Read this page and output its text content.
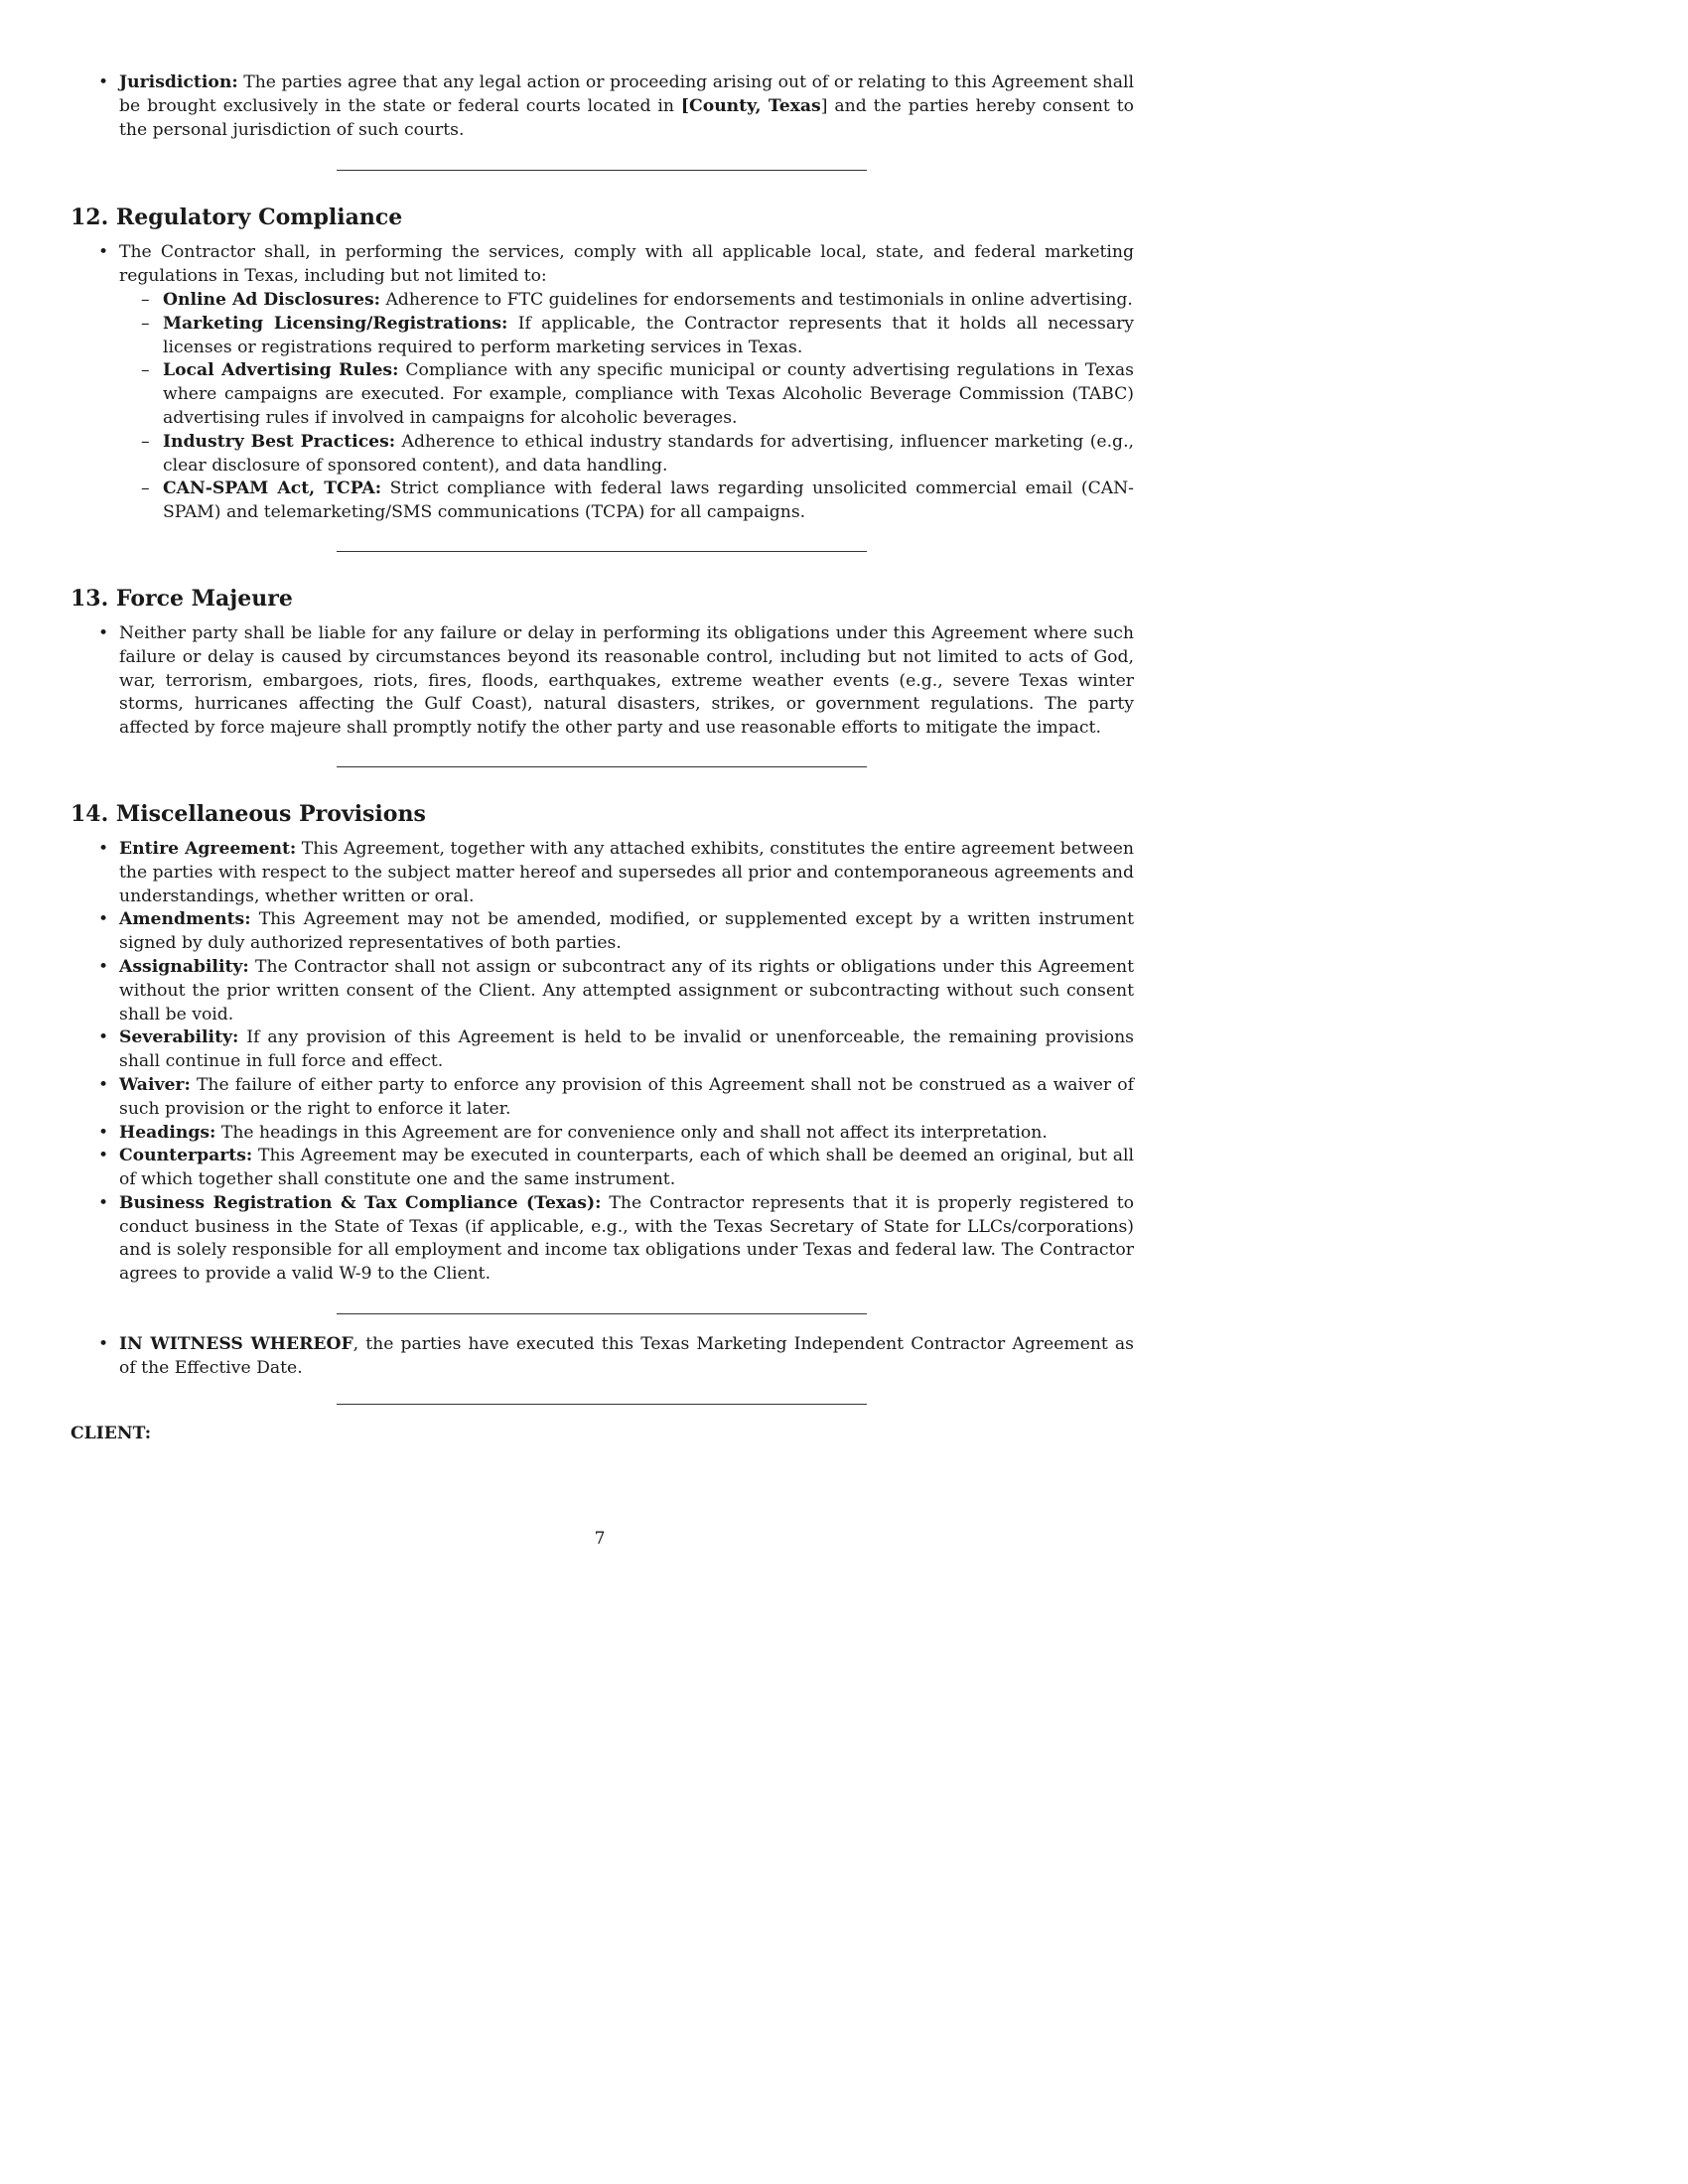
• Jurisdiction: The parties agree that any legal action or proceeding arising out of or relating to this Agreement shall be brought exclusively in the state or federal courts located in [County, Texas] and the parties hereby consent to the personal jurisdiction of such courts.
12. Regulatory Compliance
• The Contractor shall, in performing the services, comply with all applicable local, state, and federal marketing regulations in Texas, including but not limited to:
– Online Ad Disclosures: Adherence to FTC guidelines for endorsements and testimonials in online advertising.
– Marketing Licensing/Registrations: If applicable, the Contractor represents that it holds all necessary licenses or registrations required to perform marketing services in Texas.
– Local Advertising Rules: Compliance with any specific municipal or county advertising regulations in Texas where campaigns are executed. For example, compliance with Texas Alcoholic Beverage Commission (TABC) advertising rules if involved in campaigns for alcoholic beverages.
– Industry Best Practices: Adherence to ethical industry standards for advertising, influencer marketing (e.g., clear disclosure of sponsored content), and data handling.
– CAN-SPAM Act, TCPA: Strict compliance with federal laws regarding unsolicited commercial email (CAN-SPAM) and telemarketing/SMS communications (TCPA) for all campaigns.
13. Force Majeure
• Neither party shall be liable for any failure or delay in performing its obligations under this Agreement where such failure or delay is caused by circumstances beyond its reasonable control, including but not limited to acts of God, war, terrorism, embargoes, riots, fires, floods, earthquakes, extreme weather events (e.g., severe Texas winter storms, hurricanes affecting the Gulf Coast), natural disasters, strikes, or government regulations. The party affected by force majeure shall promptly notify the other party and use reasonable efforts to mitigate the impact.
14. Miscellaneous Provisions
• Entire Agreement: This Agreement, together with any attached exhibits, constitutes the entire agreement between the parties with respect to the subject matter hereof and supersedes all prior and contemporaneous agreements and understandings, whether written or oral.
• Amendments: This Agreement may not be amended, modified, or supplemented except by a written instrument signed by duly authorized representatives of both parties.
• Assignability: The Contractor shall not assign or subcontract any of its rights or obligations under this Agreement without the prior written consent of the Client. Any attempted assignment or subcontracting without such consent shall be void.
• Severability: If any provision of this Agreement is held to be invalid or unenforceable, the remaining provisions shall continue in full force and effect.
• Waiver: The failure of either party to enforce any provision of this Agreement shall not be construed as a waiver of such provision or the right to enforce it later.
• Headings: The headings in this Agreement are for convenience only and shall not affect its interpretation.
• Counterparts: This Agreement may be executed in counterparts, each of which shall be deemed an original, but all of which together shall constitute one and the same instrument.
• Business Registration & Tax Compliance (Texas): The Contractor represents that it is properly registered to conduct business in the State of Texas (if applicable, e.g., with the Texas Secretary of State for LLCs/corporations) and is solely responsible for all employment and income tax obligations under Texas and federal law. The Contractor agrees to provide a valid W-9 to the Client.
• IN WITNESS WHEREOF, the parties have executed this Texas Marketing Independent Contractor Agreement as of the Effective Date.
CLIENT:
7
